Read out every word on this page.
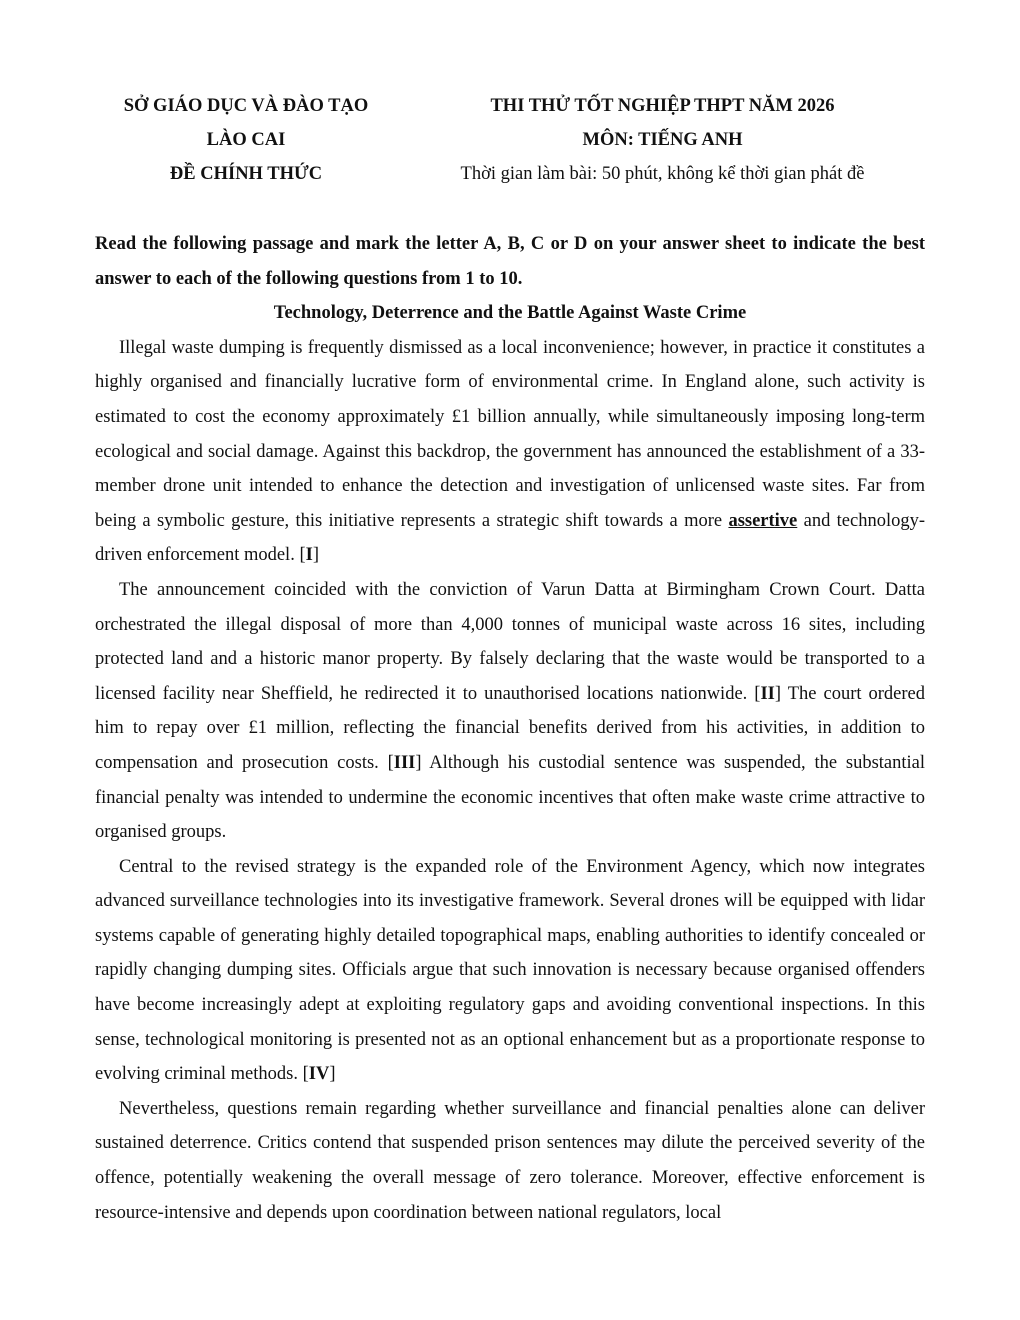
SỞ GIÁO DỤC VÀ ĐÀO TẠO
LÀO CAI
ĐỀ CHÍNH THỨC
THI THỬ TỐT NGHIỆP THPT NĂM 2026
MÔN: TIẾNG ANH
Thời gian làm bài: 50 phút, không kể thời gian phát đề

Read the following passage and mark the letter A, B, C or D on your answer sheet to indicate the best answer to each of the following questions from 1 to 10.

Technology, Deterrence and the Battle Against Waste Crime

Illegal waste dumping is frequently dismissed as a local inconvenience; however, in practice it constitutes a highly organised and financially lucrative form of environmental crime. In England alone, such activity is estimated to cost the economy approximately £1 billion annually, while simultaneously imposing long-term ecological and social damage. Against this backdrop, the government has announced the establishment of a 33-member drone unit intended to enhance the detection and investigation of unlicensed waste sites. Far from being a symbolic gesture, this initiative represents a strategic shift towards a more assertive and technology-driven enforcement model. [I]

The announcement coincided with the conviction of Varun Datta at Birmingham Crown Court. Datta orchestrated the illegal disposal of more than 4,000 tonnes of municipal waste across 16 sites, including protected land and a historic manor property. By falsely declaring that the waste would be transported to a licensed facility near Sheffield, he redirected it to unauthorised locations nationwide. [II] The court ordered him to repay over £1 million, reflecting the financial benefits derived from his activities, in addition to compensation and prosecution costs. [III] Although his custodial sentence was suspended, the substantial financial penalty was intended to undermine the economic incentives that often make waste crime attractive to organised groups.

Central to the revised strategy is the expanded role of the Environment Agency, which now integrates advanced surveillance technologies into its investigative framework. Several drones will be equipped with lidar systems capable of generating highly detailed topographical maps, enabling authorities to identify concealed or rapidly changing dumping sites. Officials argue that such innovation is necessary because organised offenders have become increasingly adept at exploiting regulatory gaps and avoiding conventional inspections. In this sense, technological monitoring is presented not as an optional enhancement but as a proportionate response to evolving criminal methods. [IV]

Nevertheless, questions remain regarding whether surveillance and financial penalties alone can deliver sustained deterrence. Critics contend that suspended prison sentences may dilute the perceived severity of the offence, potentially weakening the overall message of zero tolerance. Moreover, effective enforcement is resource-intensive and depends upon coordination between national regulators, local
